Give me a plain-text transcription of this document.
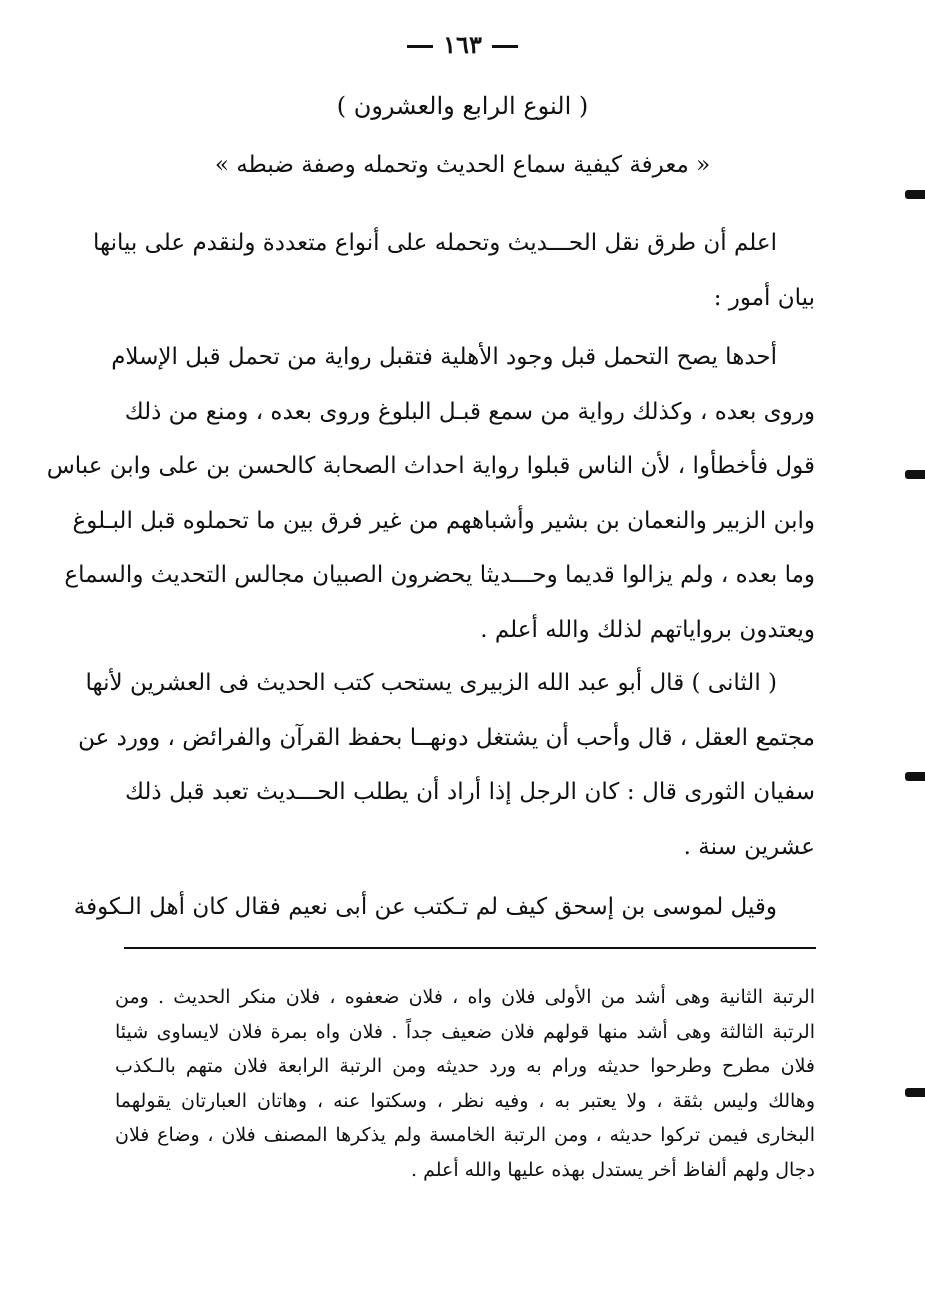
١٦٣
( النوع الرابع والعشرون )
« معرفة كيفية سماع الحديث وتحمله وصفة ضبطه »
اعلم أن طرق نقل الحـــديث وتحمله على أنواع متعددة ولنقدم على بيانها
بيان أمور :
أحدها يصح التحمل قبل وجود الأهلية فتقبل رواية من تحمل قبل الإسلام
وروى بعده ، وكذلك رواية من سمع قبـل البلوغ وروى بعده ، ومنع من ذلك
قول فأخطأوا ، لأن الناس قبلوا رواية احداث الصحابة كالحسن بن على وابن عباس
وابن الزبير والنعمان بن بشير وأشباههم من غير فرق بين ما تحملوه قبل البـلوغ
وما بعده ، ولم يزالوا قديما وحـــديثا يحضرون الصبيان مجالس التحديث والسماع
ويعتدون برواياتهم لذلك والله أعلم .
( الثانى ) قال أبو عبد الله الزبيرى يستحب كتب الحديث فى العشرين لأنها
مجتمع العقل ، قال وأحب أن يشتغل دونهــا بحفظ القرآن والفرائض ، وورد عن
سفيان الثورى قال : كان الرجل إذا أراد أن يطلب الحـــديث تعبد قبل ذلك
عشرين سنة .
وقيل لموسى بن إسحق كيف لم تـكتب عن أبى نعيم فقال كان أهل الـكوفة
الرتبة الثانية وهى أشد من الأولى فلان واه ، فلان ضعفوه ، فلان منكر الحديث . ومن
الرتبة الثالثة وهى أشد منها قولهم فلان ضعيف جداً . فلان واه بمرة فلان لايساوى شيئا
فلان مطرح وطرحوا حديثه ورام به ورد حديثه ومن الرتبة الرابعة فلان متهم بالـكذب
وهالك وليس بثقة ، ولا يعتبر به ، وفيه نظر ، وسكتوا عنه ، وهاتان العبارتان يقولهما
البخارى فيمن تركوا حديثه ، ومن الرتبة الخامسة ولم يذكرها المصنف فلان ، وضاع فلان
دجال ولهم ألفاظ أخر يستدل بهذه عليها والله أعلم .
